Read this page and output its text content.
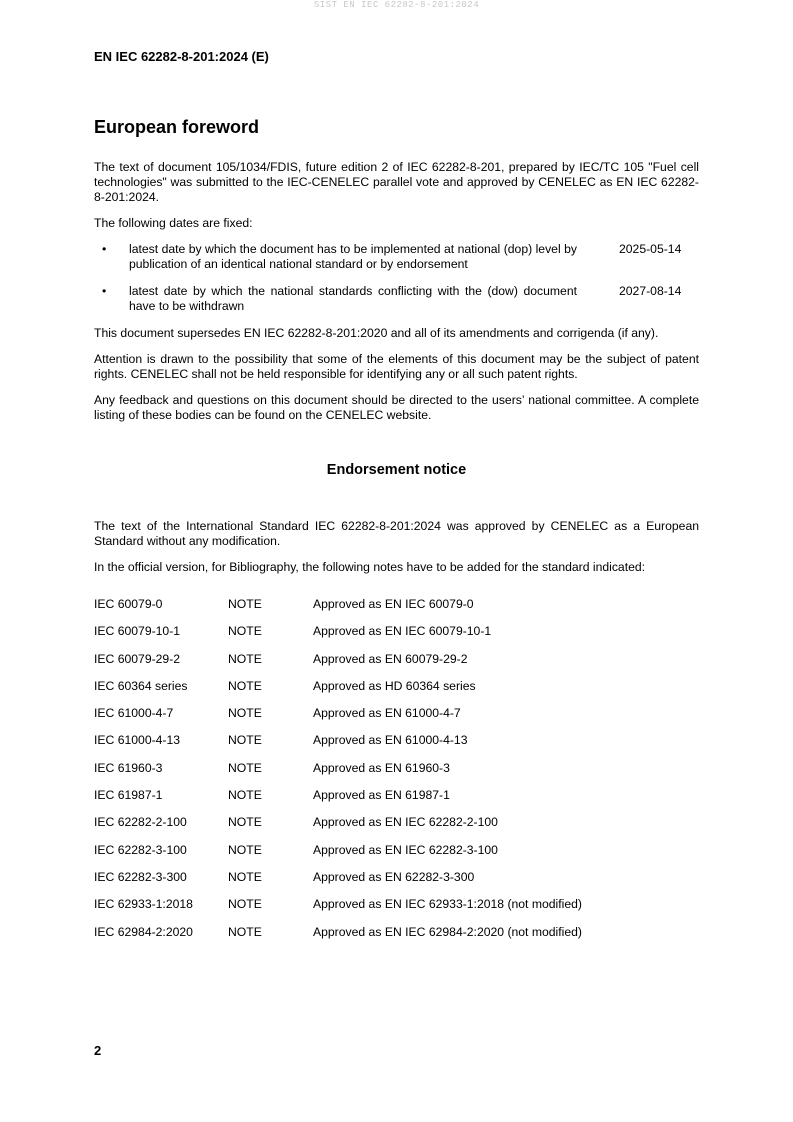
SIST EN IEC 62282-8-201:2024
EN IEC 62282-8-201:2024 (E)
European foreword

The text of document 105/1034/FDIS, future edition 2 of IEC 62282-8-201, prepared by IEC/TC 105 "Fuel cell technologies" was submitted to the IEC-CENELEC parallel vote and approved by CENELEC as EN IEC 62282-8-201:2024.

The following dates are fixed:

•	latest date by which the document has to be implemented at national (dop) level by publication of an identical national standard or by endorsement
2025-05-14
•	latest date by which the national standards conflicting with the (dow) document have to be withdrawn
2027-08-14

This document supersedes EN IEC 62282-8-201:2020 and all of its amendments and corrigenda (if any).

Attention is drawn to the possibility that some of the elements of this document may be the subject of patent rights. CENELEC shall not be held responsible for identifying any or all such patent rights.

Any feedback and questions on this document should be directed to the users’ national committee. A complete listing of these bodies can be found on the CENELEC website.

Endorsement notice

The text of the International Standard IEC 62282-8-201:2024 was approved by CENELEC as a European Standard without any modification.

In the official version, for Bibliography, the following notes have to be added for the standard indicated:

IEC 60079-0	NOTE	Approved as EN IEC 60079-0
IEC 60079-10-1	NOTE	Approved as EN IEC 60079-10-1
IEC 60079-29-2	NOTE	Approved as EN 60079-29-2
IEC 60364 series	NOTE	Approved as HD 60364 series
IEC 61000-4-7	NOTE	Approved as EN 61000-4-7
IEC 61000-4-13	NOTE	Approved as EN 61000-4-13
IEC 61960-3	NOTE	Approved as EN 61960-3
IEC 61987-1	NOTE	Approved as EN 61987-1
IEC 62282-2-100	NOTE	Approved as EN IEC 62282-2-100
IEC 62282-3-100	NOTE	Approved as EN IEC 62282-3-100
IEC 62282-3-300	NOTE	Approved as EN 62282-3-300
IEC 62933-1:2018	NOTE	Approved as EN IEC 62933-1:2018 (not modified)
IEC 62984-2:2020	NOTE	Approved as EN IEC 62984-2:2020 (not modified)
2
